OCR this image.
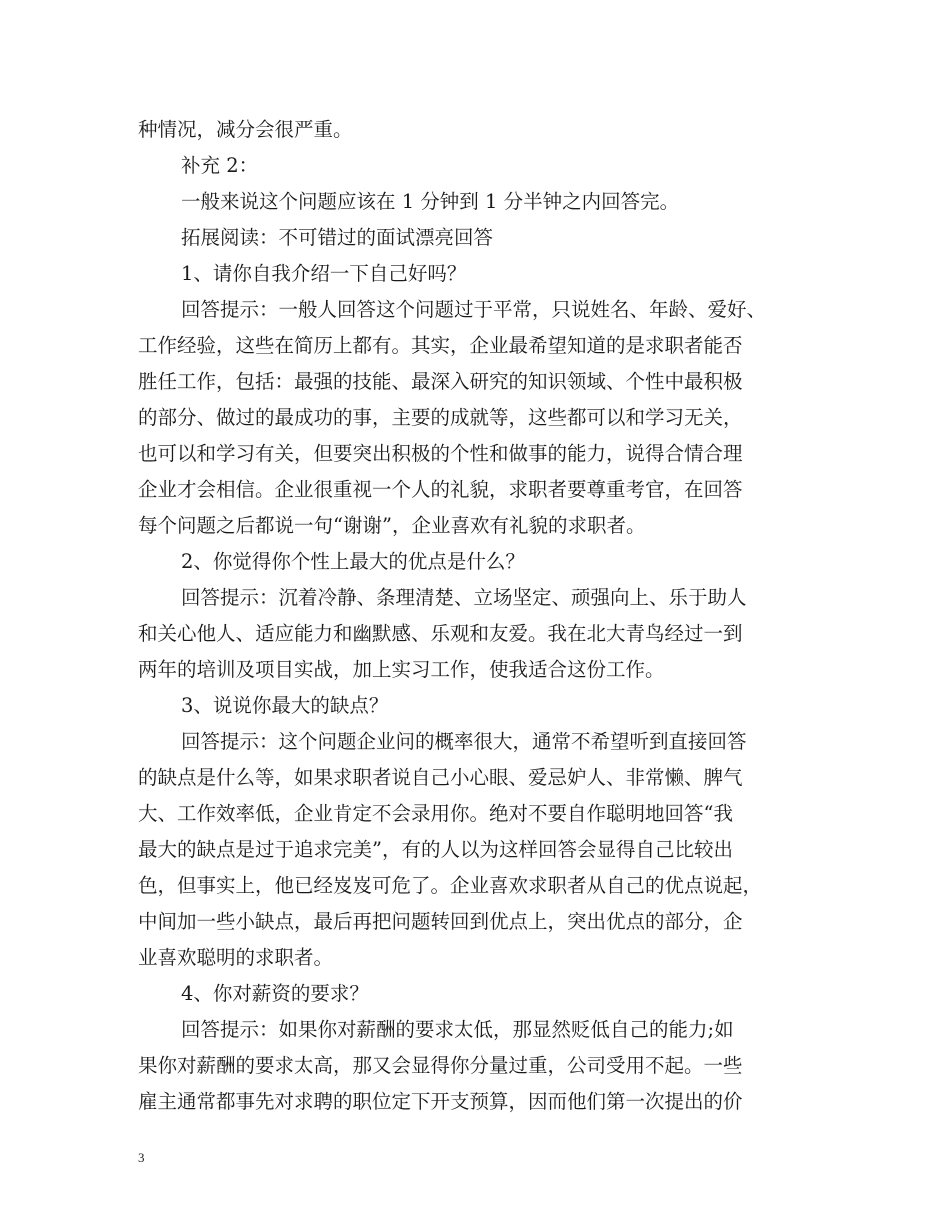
种情况，减分会很严重。
补充 2：
一般来说这个问题应该在 1 分钟到 1 分半钟之内回答完。
拓展阅读：不可错过的面试漂亮回答
1、请你自我介绍一下自己好吗？
回答提示：一般人回答这个问题过于平常，只说姓名、年龄、爱好、
工作经验，这些在简历上都有。其实，企业最希望知道的是求职者能否
胜任工作，包括：最强的技能、最深入研究的知识领域、个性中最积极
的部分、做过的最成功的事，主要的成就等，这些都可以和学习无关，
也可以和学习有关，但要突出积极的个性和做事的能力，说得合情合理
企业才会相信。企业很重视一个人的礼貌，求职者要尊重考官，在回答
每个问题之后都说一句“谢谢”，企业喜欢有礼貌的求职者。
2、你觉得你个性上最大的优点是什么？
回答提示：沉着冷静、条理清楚、立场坚定、顽强向上、乐于助人
和关心他人、适应能力和幽默感、乐观和友爱。我在北大青鸟经过一到
两年的培训及项目实战，加上实习工作，使我适合这份工作。
3、说说你最大的缺点？
回答提示：这个问题企业问的概率很大，通常不希望听到直接回答
的缺点是什么等，如果求职者说自己小心眼、爱忌妒人、非常懒、脾气
大、工作效率低，企业肯定不会录用你。绝对不要自作聪明地回答“我
最大的缺点是过于追求完美”，有的人以为这样回答会显得自己比较出
色，但事实上，他已经岌岌可危了。企业喜欢求职者从自己的优点说起，
中间加一些小缺点，最后再把问题转回到优点上，突出优点的部分，企
业喜欢聪明的求职者。
4、你对薪资的要求？
回答提示：如果你对薪酬的要求太低，那显然贬低自己的能力;如
果你对薪酬的要求太高，那又会显得你分量过重，公司受用不起。一些
雇主通常都事先对求聘的职位定下开支预算，因而他们第一次提出的价
3
